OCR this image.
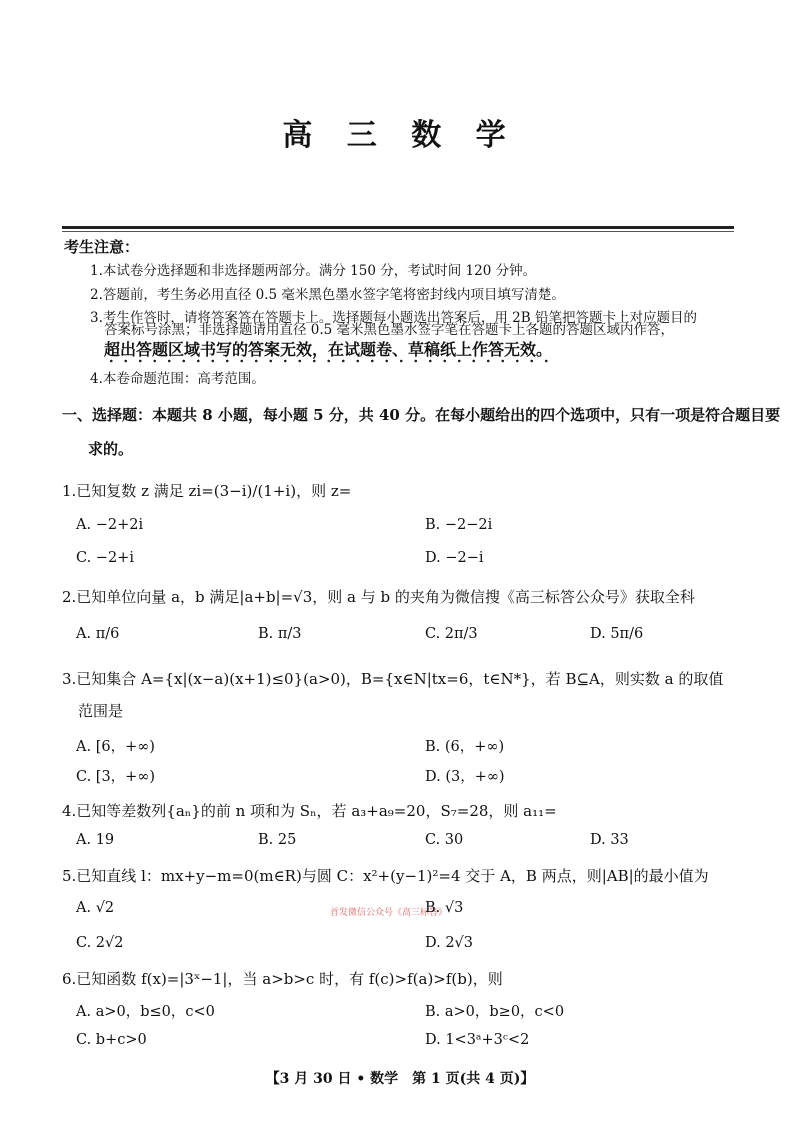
高 三 数 学
考生注意：
1.本试卷分选择题和非选择题两部分。满分 150 分，考试时间 120 分钟。
2.答题前，考生务必用直径 0.5 毫米黑色墨水签字笔将密封线内项目填写清楚。
3.考生作答时，请将答案答在答题卡上。选择题每小题选出答案后，用 2B 铅笔把答题卡上对应题目的
答案标号涂黑；非选择题请用直径 0.5 毫米黑色墨水签字笔在答题卡上各题的答题区域内作答，
超出答题区域书写的答案无效，在试题卷、草稿纸上作答无效。
4.本卷命题范围：高考范围。
一、选择题：本题共 8 小题，每小题 5 分，共 40 分。在每小题给出的四个选项中，只有一项是符合题目要
求的。
1.已知复数 z 满足 zi=(3−i)/(1+i)，则 z=
A. −2+2i	B. −2−2i
C. −2+i	D. −2−i
2.已知单位向量 a，b 满足|a+b|=√3，则 a 与 b 的夹角为微信搜《高三标答公众号》获取全科
A. π/6	B. π/3	C. 2π/3	D. 5π/6
3.已知集合 A={x|(x−a)(x+1)≤0}(a>0)，B={x∈N|tx=6，t∈N*}，若 B⊆A，则实数 a 的取值
范围是
A. [6，+∞)	B. (6，+∞)
C. [3，+∞)	D. (3，+∞)
4.已知等差数列{aₙ}的前 n 项和为 Sₙ，若 a₃+a₉=20，S₇=28，则 a₁₁=
A. 19	B. 25	C. 30	D. 33
5.已知直线 l：mx+y−m=0(m∈R)与圆 C：x²+(y−1)²=4 交于 A，B 两点，则|AB|的最小值为
首发微信公众号《高三标答》
A. √2	B. √3
C. 2√2	D. 2√3
6.已知函数 f(x)=|3ˣ−1|，当 a>b>c 时，有 f(c)>f(a)>f(b)，则
A. a>0，b≤0，c<0	B. a>0，b≥0，c<0
C. b+c>0	D. 1<3ᵃ+3ᶜ<2
【3 月 30 日 • 数学　第 1 页(共 4 页)】
